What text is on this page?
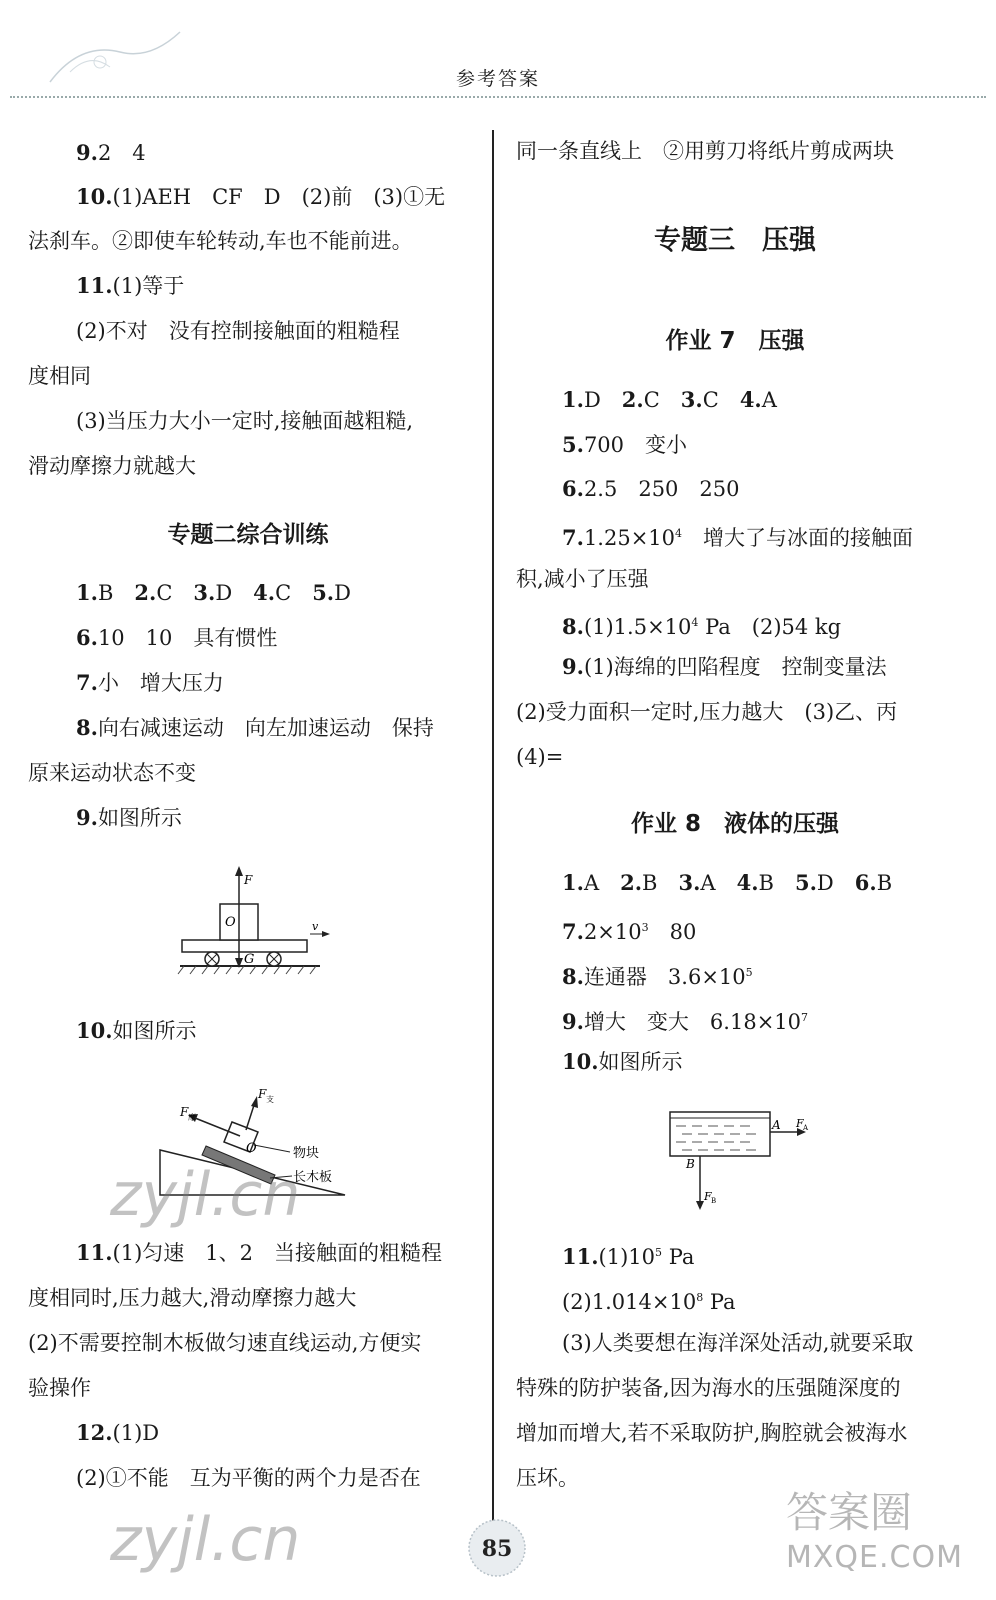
参考答案
9.2　4
10.(1)AEH　CF　D　(2)前　(3)①无
法刹车。②即使车轮转动,车也不能前进。
11.(1)等于
(2)不对　没有控制接触面的粗糙程
度相同
(3)当压力大小一定时,接触面越粗糙,
滑动摩擦力就越大
专题二综合训练
1.B　 2.C　 3.D　 4.C　 5.D
6.10　10　具有惯性
7.小　增大压力
8.向右减速运动　向左加速运动　保持
原来运动状态不变
9.如图所示
F
O
G
v
10.如图所示
F 支
F 摩
O	物块
长木板
zyjl.cn
11.(1)匀速　1、2　当接触面的粗糙程
度相同时,压力越大,滑动摩擦力越大
(2)不需要控制木板做匀速直线运动,方便实
验操作
12.(1)D
(2)①不能　互为平衡的两个力是否在
zyjl.cn
同一条直线上　②用剪刀将纸片剪成两块
专题三　压强
作业 7　压强
1.D　 2.C　 3.C　 4.A
5.700　变小
6.2.5　250　250
$7.1.25\times 10^4$　增大了与冰面的接触面
积,减小了压强
$8.(1)1.5\times 10^4$ Pa　(2)54 kg
9.(1)海绵的凹陷程度　控制变量法
(2)受力面积一定时,压力越大　(3)乙、丙
(4)=
作业 8　液体的压强
1.A　 2.B　 3.A　 4.B　 5.D　 6.B
$7.2\times 10^3$　80
8.连通器　$3.6\times 10^5$
9.增大　变大　$6.18\times 10^7$
10.如图所示
A F A
B
F B
$11.(1)10^5$ Pa
$(2)1.014\times 10^8$ Pa
(3)人类要想在海洋深处活动,就要采取
特殊的防护装备,因为海水的压强随深度的
增加而增大,若不采取防护,胸腔就会被海水
压坏。
85
答案圈
MXQE.COM
